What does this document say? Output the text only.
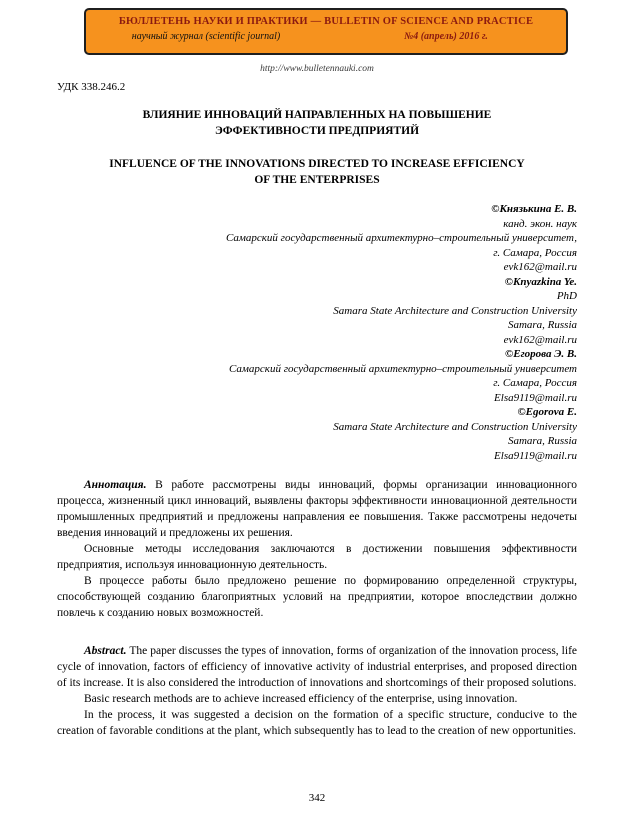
БЮЛЛЕТЕНЬ НАУКИ И ПРАКТИКИ — BULLETIN OF SCIENCE AND PRACTICE
научный журнал (scientific journal)	№4 (апрель) 2016 г.
http://www.bulletennauki.com
УДК 338.246.2
ВЛИЯНИЕ ИННОВАЦИЙ НАПРАВЛЕННЫХ НА ПОВЫШЕНИЕ ЭФФЕКТИВНОСТИ ПРЕДПРИЯТИЙ
INFLUENCE OF THE INNOVATIONS DIRECTED TO INCREASE EFFICIENCY OF THE ENTERPRISES
©Князькина Е. В.
канд. экон. наук
Самарский государственный архитектурно–строительный университет,
г. Самара, Россия
evk162@mail.ru
©Knyazkina Ye.
PhD
Samara State Architecture and Construction University
Samara, Russia
evk162@mail.ru
©Егорова Э. В.
Самарский государственный архитектурно–строительный университет
г. Самара, Россия
Elsa9119@mail.ru
©Egorova E.
Samara State Architecture and Construction University
Samara, Russia
Elsa9119@mail.ru

Аннотация. В работе рассмотрены виды инноваций, формы организации инновационного процесса, жизненный цикл инноваций, выявлены факторы эффективности инновационной деятельности промышленных предприятий и предложены направления ее повышения. Также рассмотрены недочеты введения инноваций и предложены их решения.

Основные методы исследования заключаются в достижении повышения эффективности предприятия, используя инновационную деятельность.

В процессе работы было предложено решение по формированию определенной структуры, способствующей созданию благоприятных условий на предприятии, которое впоследствии должно повлечь к созданию новых возможностей.

Abstract. The paper discusses the types of innovation, forms of organization of the innovation process, life cycle of innovation, factors of efficiency of innovative activity of industrial enterprises, and proposed direction of its increase. It is also considered the introduction of innovations and shortcomings of their proposed solutions.

Basic research methods are to achieve increased efficiency of the enterprise, using innovation.

In the process, it was suggested a decision on the formation of a specific structure, conducive to the creation of favorable conditions at the plant, which subsequently has to lead to the creation of new opportunities.

342
